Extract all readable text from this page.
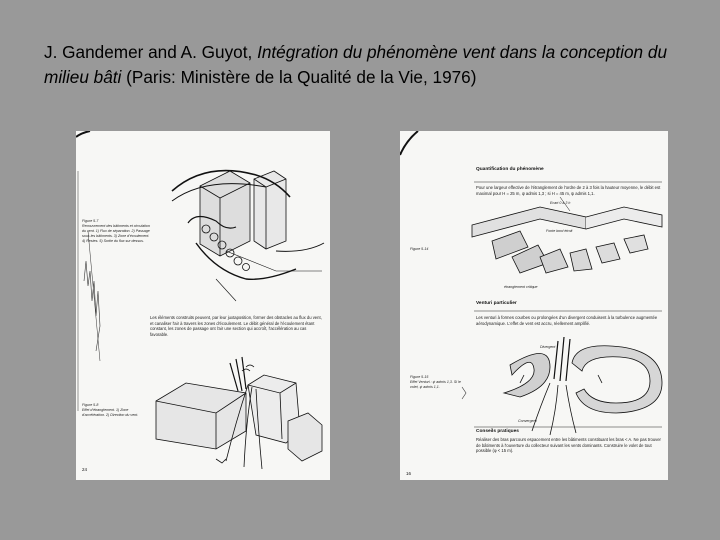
J. Gandemer and A. Guyot, Intégration du phénomène vent dans la conception du milieu bâti (Paris: Ministère de la Qualité de la Vie, 1976)
Figure 5-7
Recouvrement des bâtiments et circulation du vent. 1) Flux de séparation. 2) Passage sous les bâtiments. 3) Zone d'écoulement. 4) Restes. 5) Sortie du flux sur dessus.
Les éléments construits peuvent, par leur juxtaposition, former des obstacles au flux du vent, et canaliser l'air à travers les zones d'écoulement. Le débit général de l'écoulement étant constant, les zones de passage ont l'air une section qui accroît, l'accélération au cas favorable.
Figure 5-8
Effet d'étranglement. 1) Zone d'accélération. 2) Direction du vent.
24
Quantification du phénomène
Pour une largeur effective de l'étranglement de l'ordre de 2 à 3 fois la hauteur moyenne, le débit est maximal pour H = 25 m, ψ admis 1,3 ; si H = 45 m, ψ admis 1,1.
Figure 5-14
Ecart 0 à 3 h
Fonte bord étroit
étranglement critique
Venturi particulier
Les venturi à formes courbes ou prolongées d'un divergent conduisent à la turbulence augmentée aérodynamique. L'effet de vent est accru, réellement amplifié.
Divergent
Convergent
Figure 5-15
Effet Venturi : ψ admis 1,3. Si le volet, ψ admis 1,1.
Conseils pratiques
Réaliser des bras parcours espacement entre les bâtiments constituant les bras < A. Ne pas trouver de bâtiments à l'ouverture du collecteur suivant les vents dominants. Construire le volet de tout possible (φ < 15 m).
16
